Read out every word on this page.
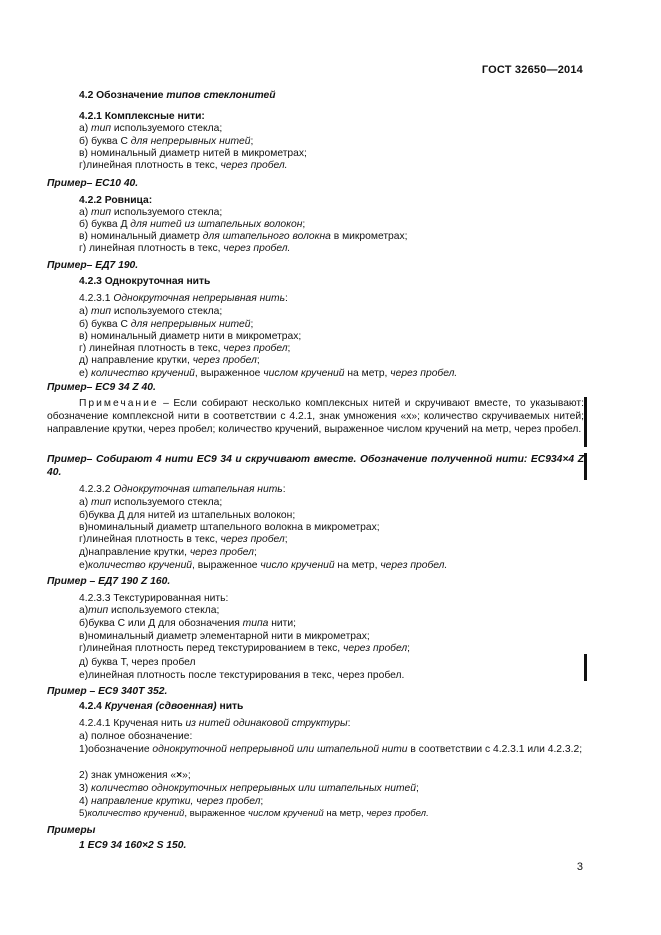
ГОСТ 32650—2014
4.2 Обозначение типов стеклонитей
4.2.1 Комплексные нити:
а) тип используемого стекла;
б) буква С для непрерывных нитей;
в) номинальный диаметр нитей в микрометрах;
г)линейная плотность в текс, через пробел.
Пример– EC10 40.
4.2.2 Ровница:
а) тип используемого стекла;
б) буква Д для нитей из штапельных волокон;
в) номинальный диаметр для штапельного волокна в микрометрах;
г) линейная плотность в текс, через пробел.
Пример– ЕД7 190.
4.2.3 Однокруточная нить
4.2.3.1 Однокруточная непрерывная нить:
а) тип используемого стекла;
б) буква С для непрерывных нитей;
в) номинальный диаметр нити в микрометрах;
г) линейная плотность в текс, через пробел;
д) направление крутки, через пробел;
е) количество кручений, выраженное числом кручений на метр, через пробел.
Пример– EC9 34 Z 40.
Примечание – Если собирают несколько комплексных нитей и скручивают вместе, то указывают: обозначение комплексной нити в соответствии с 4.2.1, знак умножения «х»; количество скручиваемых нитей; направление крутки, через пробел; количество кручений, выраженное числом кручений на метр, через пробел.
Пример– Собирают 4 нити ЕС9 34 и скручивают вместе. Обозначение полученной нити: ЕС934×4 Z 40.
4.2.3.2 Однокруточная штапельная нить:
а) тип используемого стекла;
б)буква Д для нитей из штапельных волокон;
в)номинальный диаметр штапельного волокна в микрометрах;
г)линейная плотность в текс, через пробел;
д)направление крутки, через пробел;
е)количество кручений, выраженное число кручений на метр, через пробел.
Пример – ЕД7 190 Z 160.
4.2.3.3 Текстурированная нить:
а)тип используемого стекла;
б)буква С или Д для обозначения типа нити;
в)номинальный диаметр элементарной нити в микрометрах;
г)линейная плотность перед текстурированием в текс, через пробел;
д) буква Т, через пробел
е)линейная плотность после текстурирования в текс, через пробел.
Пример – ЕС9 340Т 352.
4.2.4 Крученая (сдвоенная) нить
4.2.4.1 Крученая нить из нитей одинаковой структуры:
а) полное обозначение:
1)обозначение однокруточной непрерывной или штапельной нити в соответствии с 4.2.3.1 или 4.2.3.2;
2) знак умножения «×»;
3) количество однокруточных непрерывных или штапельных нитей;
4) направление крутки, через пробел;
5)количество кручений, выраженное числом кручений на метр, через пробел.
Примеры
1 ЕС9 34 160×2 S 150.
3
